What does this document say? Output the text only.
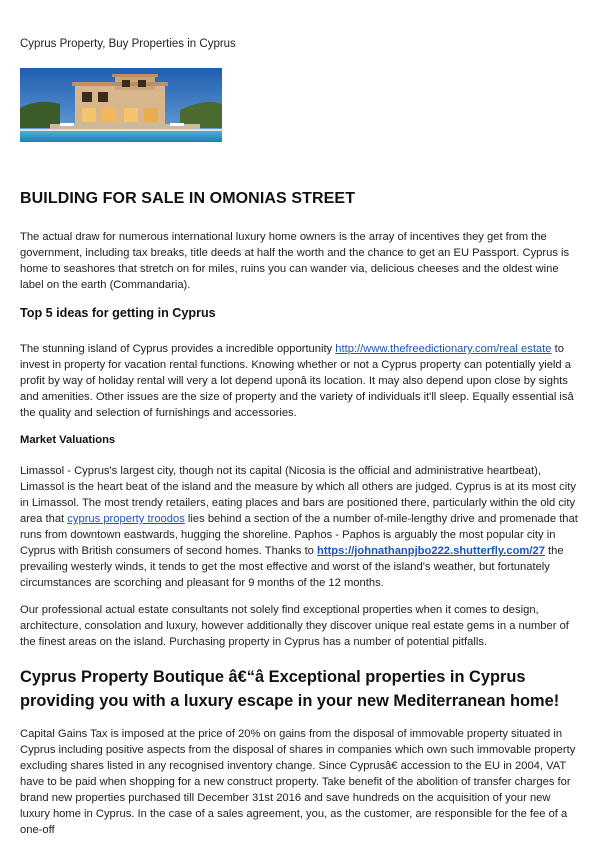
Cyprus Property, Buy Properties in Cyprus
BUILDING FOR SALE IN OMONIAS STREET

The actual draw for numerous international luxury home owners is the array of incentives they get from the government, including tax breaks, title deeds at half the worth and the chance to get an EU Passport. Cyprus is home to seashores that stretch on for miles, ruins you can wander via, delicious cheeses and the oldest wine label on the earth (Commandaria).

Top 5 ideas for getting in Cyprus

The stunning island of Cyprus provides a incredible opportunity http://www.thefreedictionary.com/real estate to invest in property for vacation rental functions. Knowing whether or not a Cyprus property can potentially yield a profit by way of holiday rental will very a lot depend uponâ its location. It may also depend upon close by sights and amenities. Other issues are the size of property and the variety of individuals it'll sleep. Equally essential isâ the quality and selection of furnishings and accessories.

Market Valuations

Limassol - Cyprus's largest city, though not its capital (Nicosia is the official and administrative heartbeat), Limassol is the heart beat of the island and the measure by which all others are judged. Cyprus is at its most city in Limassol. The most trendy retailers, eating places and bars are positioned there, particularly within the old city area that cyprus property troodos lies behind a section of the a number of-mile-lengthy drive and promenade that runs from downtown eastwards, hugging the shoreline. Paphos - Paphos is arguably the most popular city in Cyprus with British consumers of second homes. Thanks to https://johnathanpjbo222.shutterfly.com/27 the prevailing westerly winds, it tends to get the most effective and worst of the island's weather, but fortunately circumstances are scorching and pleasant for 9 months of the 12 months.

Our professional actual estate consultants not solely find exceptional properties when it comes to design, architecture, consolation and luxury, however additionally they discover unique real estate gems in a number of the finest areas on the island. Purchasing property in Cyprus has a number of potential pitfalls.

Cyprus Property Boutique â€“â Exceptional properties in Cyprus providing you with a luxury escape in your new Mediterranean home!

Capital Gains Tax is imposed at the price of 20% on gains from the disposal of immovable property situated in Cyprus including positive aspects from the disposal of shares in companies which own such immovable property excluding shares listed in any recognised inventory change. Since Cyprusâ€ accession to the EU in 2004, VAT have to be paid when shopping for a new construct property. Take benefit of the abolition of transfer charges for brand new properties purchased till December 31st 2016 and save hundreds on the acquisition of your new luxury home in Cyprus. In the case of a sales agreement, you, as the customer, are responsible for the fee of a one-off
